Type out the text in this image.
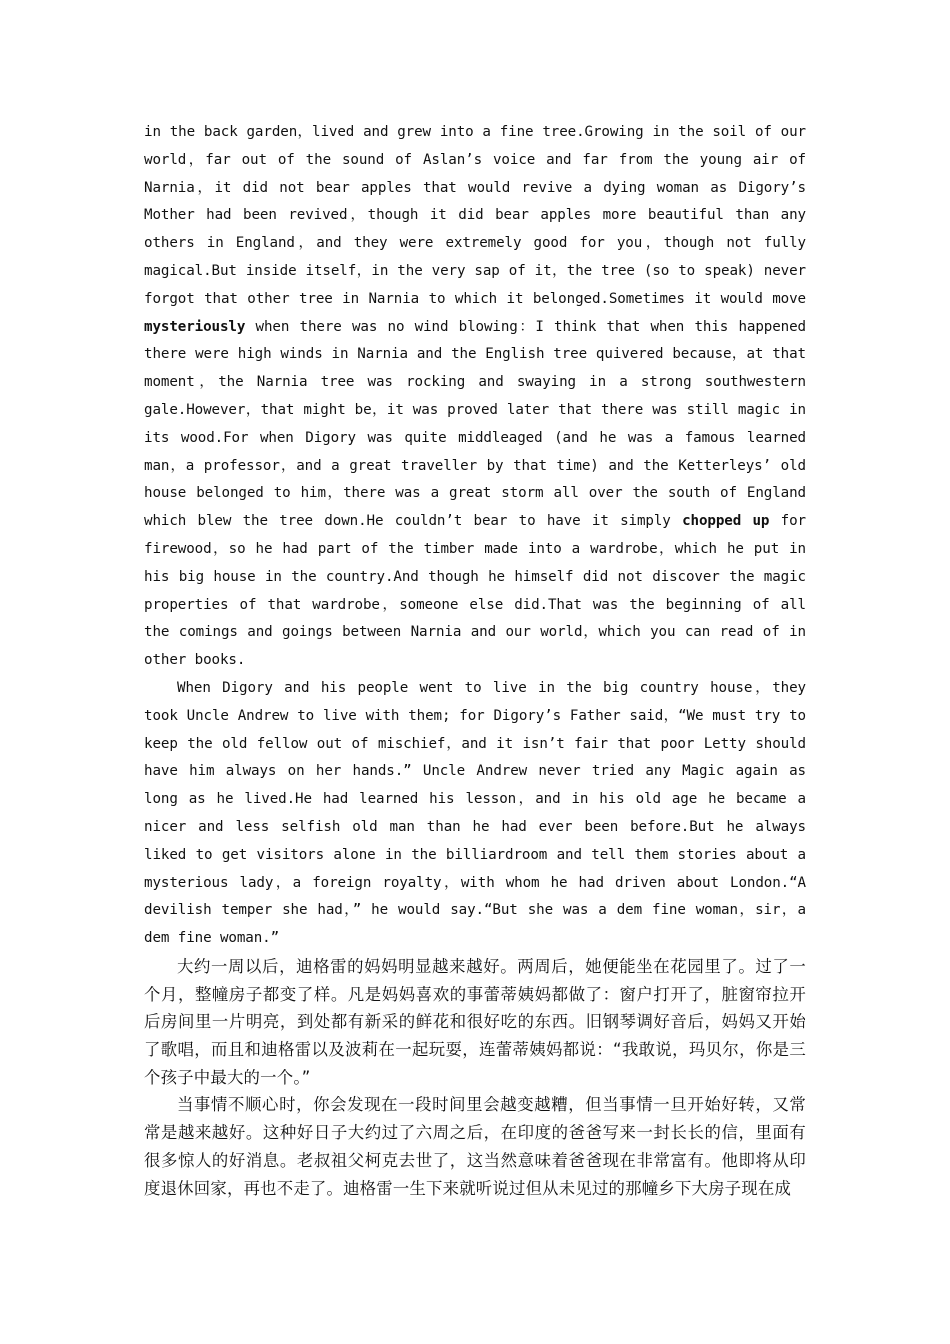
in the back garden，lived and grew into a fine tree.Growing in the soil of our world，far out of the sound of Aslan’s voice and far from the young air of Narnia，it did not bear apples that would revive a dying woman as Digory’s Mother had been revived，though it did bear apples more beautiful than any others in England，and they were extremely good for you，though not fully magical.But inside itself，in the very sap of it，the tree (so to speak) never forgot that other tree in Narnia to which it belonged.Sometimes it would move mysteriously when there was no wind blowing：I think that when this happened there were high winds in Narnia and the English tree quivered because，at that moment，the Narnia tree was rocking and swaying in a strong southwestern gale.However，that might be，it was proved later that there was still magic in its wood.For when Digory was quite middleaged (and he was a famous learned man，a professor，and a great traveller by that time) and the Ketterleys’ old house belonged to him，there was a great storm all over the south of England which blew the tree down.He couldn’t bear to have it simply chopped up for firewood，so he had part of the timber made into a wardrobe，which he put in his big house in the country.And though he himself did not discover the magic properties of that wardrobe，someone else did.That was the beginning of all the comings and goings between Narnia and our world，which you can read of in other books.

When Digory and his people went to live in the big country house，they took Uncle Andrew to live with them; for Digory’s Father said，“We must try to keep the old fellow out of mischief，and it isn’t fair that poor Letty should have him always on her hands.” Uncle Andrew never tried any Magic again as long as he lived.He had learned his lesson，and in his old age he became a nicer and less selfish old man than he had ever been before.But he always liked to get visitors alone in the billiardroom and tell them stories about a mysterious lady，a foreign royalty，with whom he had driven about London.“A devilish temper she had，” he would say.“But she was a dem fine woman，sir，a dem fine woman.”

大约一周以后，迪格雷的妈妈明显越来越好。两周后，她便能坐在花园里了。过了一个月，整幢房子都变了样。凡是妈妈喜欢的事蕾蒂姨妈都做了：窗户打开了，脏窗帘拉开后房间里一片明亮，到处都有新采的鲜花和很好吃的东西。旧钢琴调好音后，妈妈又开始了歌唱，而且和迪格雷以及波莉在一起玩耍，连蕾蒂姨妈都说：“我敢说，玛贝尔，你是三个孩子中最大的一个。”

当事情不顺心时，你会发现在一段时间里会越变越糟，但当事情一旦开始好转，又常常是越来越好。这种好日子大约过了六周之后，在印度的爸爸写来一封长长的信，里面有很多惊人的好消息。老叔祖父柯克去世了，这当然意味着爸爸现在非常富有。他即将从印度退休回家，再也不走了。迪格雷一生下来就听说过但从未见过的那幢乡下大房子现在成
